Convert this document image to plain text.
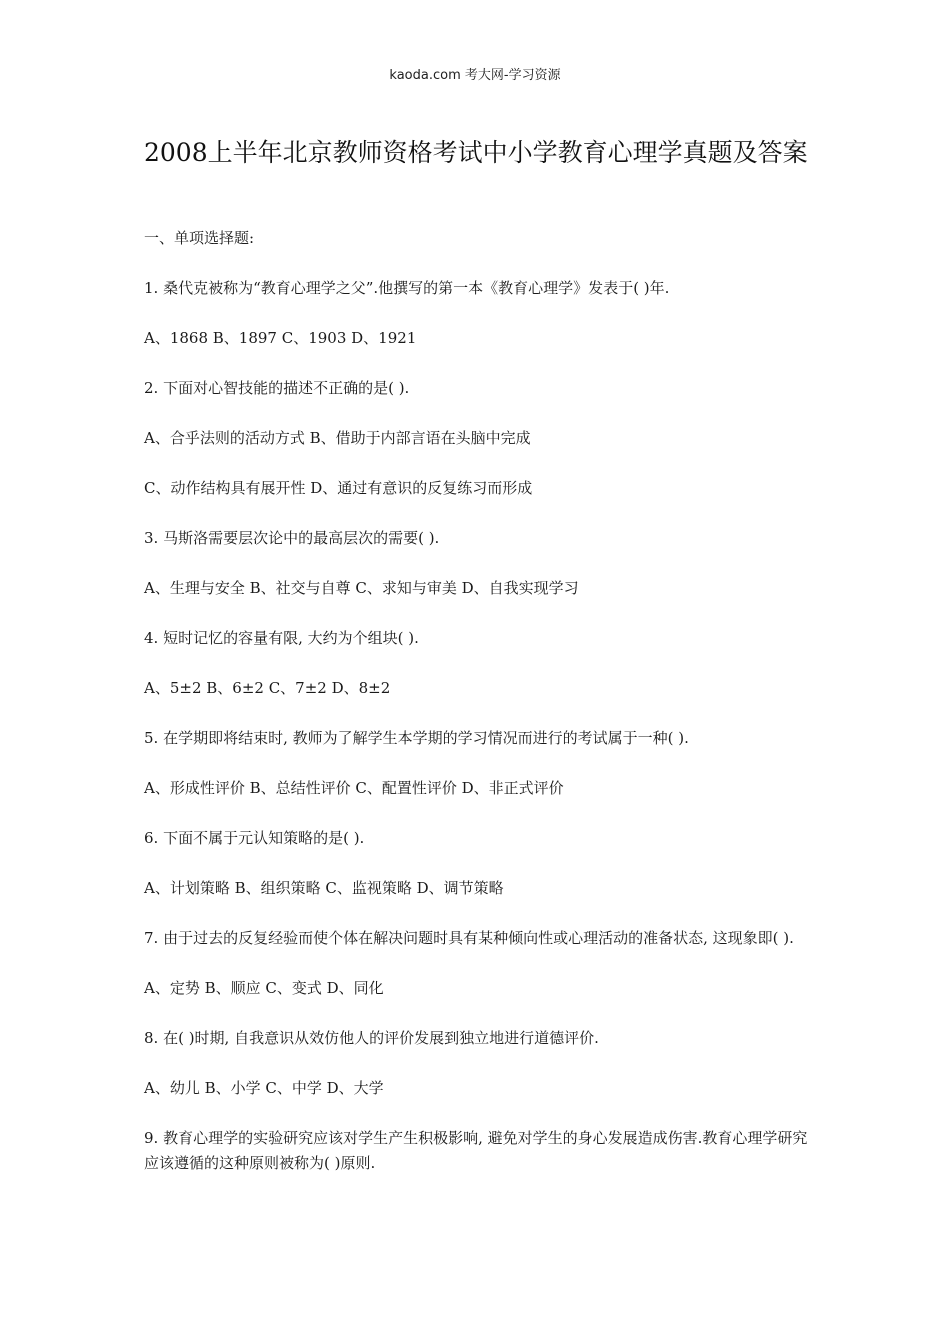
kaoda.com 考大网-学习资源
2008上半年北京教师资格考试中小学教育心理学真题及答案
一、单项选择题:
1. 桑代克被称为“教育心理学之父”.他撰写的第一本《教育心理学》发表于( )年.
A、1868 B、1897 C、1903 D、1921
2. 下面对心智技能的描述不正确的是( ).
A、合乎法则的活动方式 B、借助于内部言语在头脑中完成
C、动作结构具有展开性 D、通过有意识的反复练习而形成
3. 马斯洛需要层次论中的最高层次的需要( ).
A、生理与安全 B、社交与自尊 C、求知与审美 D、自我实现学习
4. 短时记忆的容量有限, 大约为个组块( ).
A、5±2 B、6±2 C、7±2 D、8±2
5. 在学期即将结束时, 教师为了解学生本学期的学习情况而进行的考试属于一种( ).
A、形成性评价 B、总结性评价 C、配置性评价 D、非正式评价
6. 下面不属于元认知策略的是( ).
A、计划策略 B、组织策略 C、监视策略 D、调节策略
7. 由于过去的反复经验而使个体在解决问题时具有某种倾向性或心理活动的准备状态, 这现象即( ).
A、定势 B、顺应 C、变式 D、同化
8. 在( )时期, 自我意识从效仿他人的评价发展到独立地进行道德评价.
A、幼儿 B、小学 C、中学 D、大学
9. 教育心理学的实验研究应该对学生产生积极影响, 避免对学生的身心发展造成伤害.教育心理学研究应该遵循的这种原则被称为( )原则.
